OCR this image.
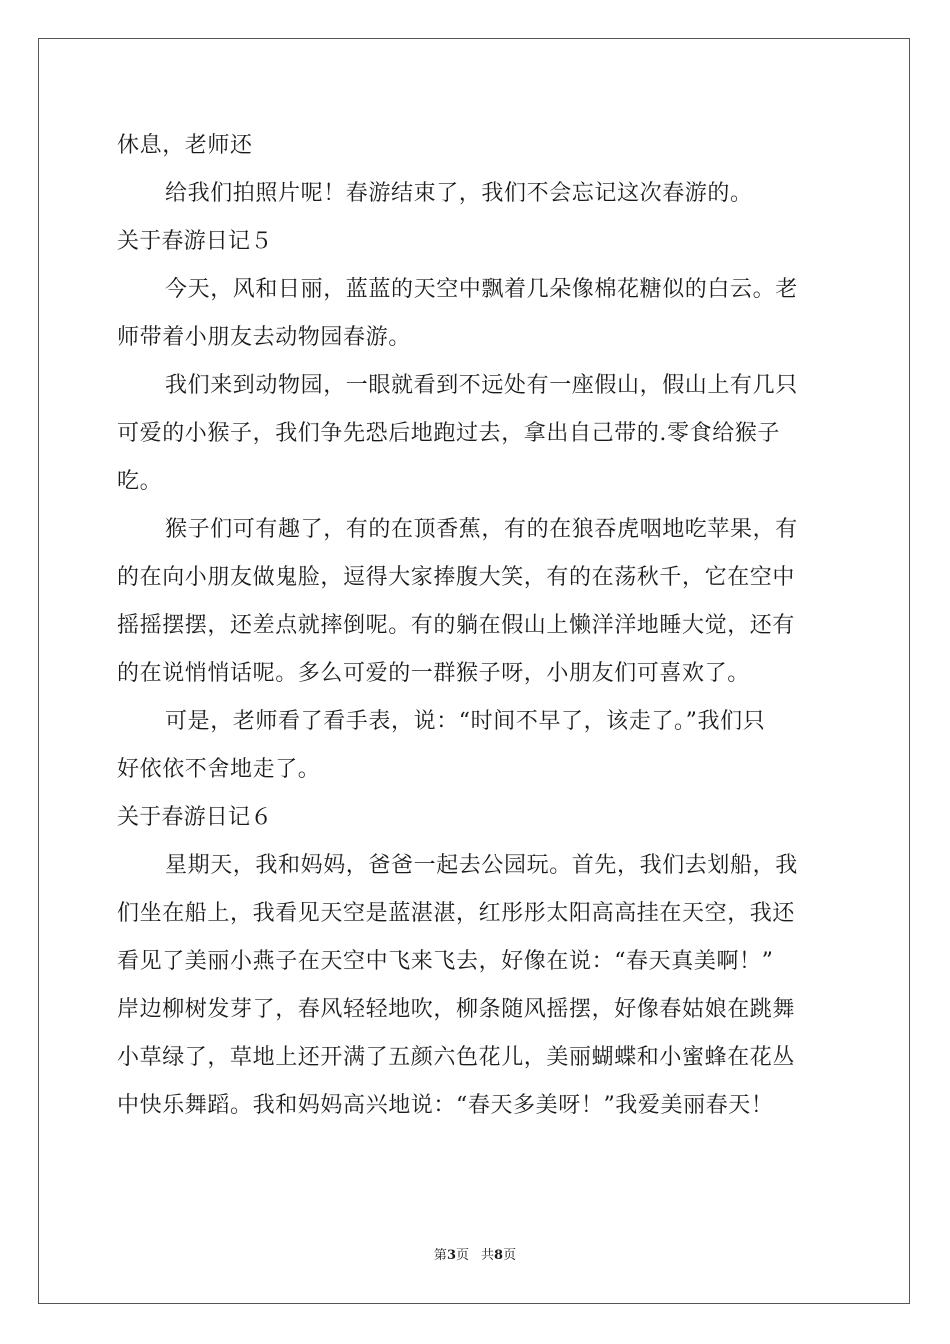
休息，老师还
给我们拍照片呢！春游结束了，我们不会忘记这次春游的。
关于春游日记５
今天，风和日丽，蓝蓝的天空中飘着几朵像棉花糖似的白云。老
师带着小朋友去动物园春游。
我们来到动物园，一眼就看到不远处有一座假山，假山上有几只
可爱的小猴子，我们争先恐后地跑过去，拿出自己带的.零食给猴子
吃。
猴子们可有趣了，有的在顶香蕉，有的在狼吞虎咽地吃苹果，有
的在向小朋友做鬼脸，逗得大家捧腹大笑，有的在荡秋千，它在空中
摇摇摆摆，还差点就摔倒呢。有的躺在假山上懒洋洋地睡大觉，还有
的在说悄悄话呢。多么可爱的一群猴子呀，小朋友们可喜欢了。
可是，老师看了看手表，说：“时间不早了，该走了。”我们只
好依依不舍地走了。
关于春游日记６
星期天，我和妈妈，爸爸一起去公园玩。首先，我们去划船，我
们坐在船上，我看见天空是蓝湛湛，红彤彤太阳高高挂在天空，我还
看见了美丽小燕子在天空中飞来飞去，好像在说：“春天真美啊！”
岸边柳树发芽了，春风轻轻地吹，柳条随风摇摆，好像春姑娘在跳舞
小草绿了，草地上还开满了五颜六色花儿，美丽蝴蝶和小蜜蜂在花丛
中快乐舞蹈。我和妈妈高兴地说：“春天多美呀！”我爱美丽春天！
第3页 共8页
